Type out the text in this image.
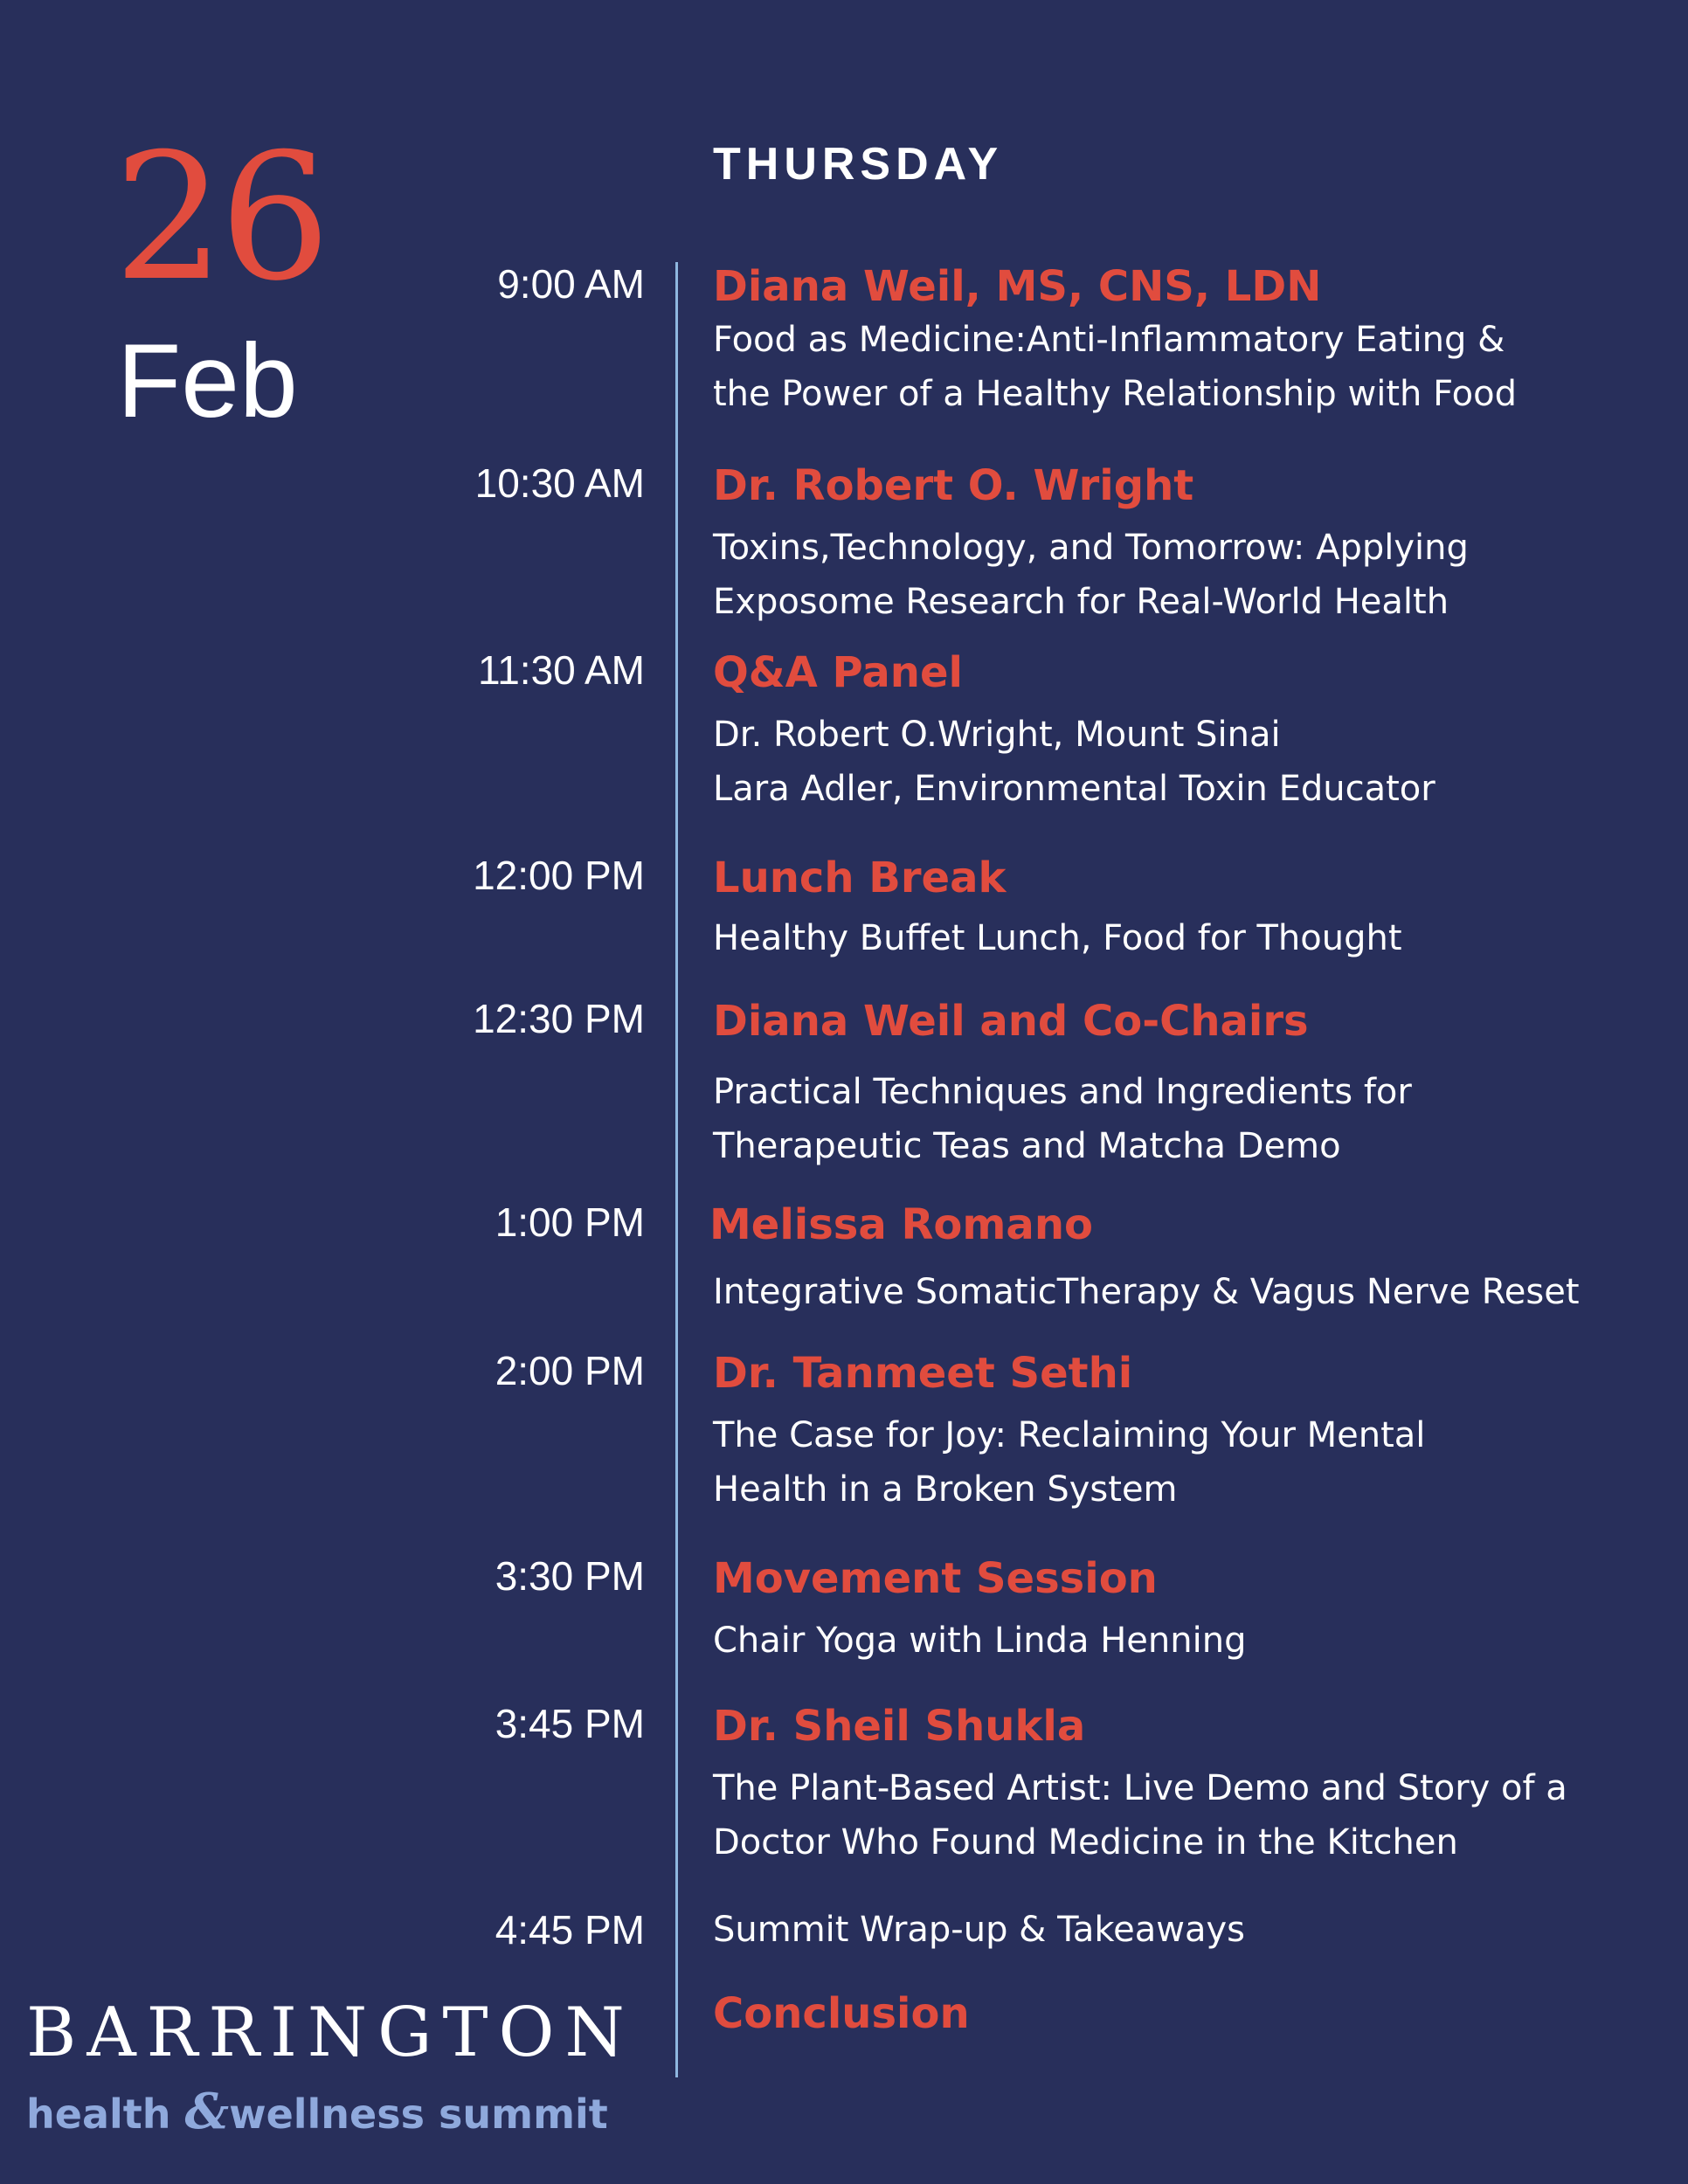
26
Feb
THURSDAY
9:00 AM Diana Weil, MS, CNS, LDN
Food as Medicine:Anti-Inflammatory Eating &
the Power of a Healthy Relationship with Food
10:30 AM Dr. Robert O. Wright
Toxins,Technology, and Tomorrow: Applying
Exposome Research for Real-World Health
11:30 AM Q&A Panel
Dr. Robert O.Wright, Mount Sinai
Lara Adler, Environmental Toxin Educator
12:00 PM Lunch Break
Healthy Buffet Lunch, Food for Thought
12:30 PM Diana Weil and Co-Chairs
Practical Techniques and Ingredients for
Therapeutic Teas and Matcha Demo
1:00 PM Melissa Romano
Integrative SomaticTherapy & Vagus Nerve Reset
2:00 PM Dr. Tanmeet Sethi
The Case for Joy: Reclaiming Your Mental
Health in a Broken System
3:30 PM Movement Session
Chair Yoga with Linda Henning
3:45 PM Dr. Sheil Shukla
The Plant-Based Artist: Live Demo and Story of a
Doctor Who Found Medicine in the Kitchen
4:45 PM Summit Wrap-up & Takeaways
Conclusion
BARRINGTON
health &wellness summit
